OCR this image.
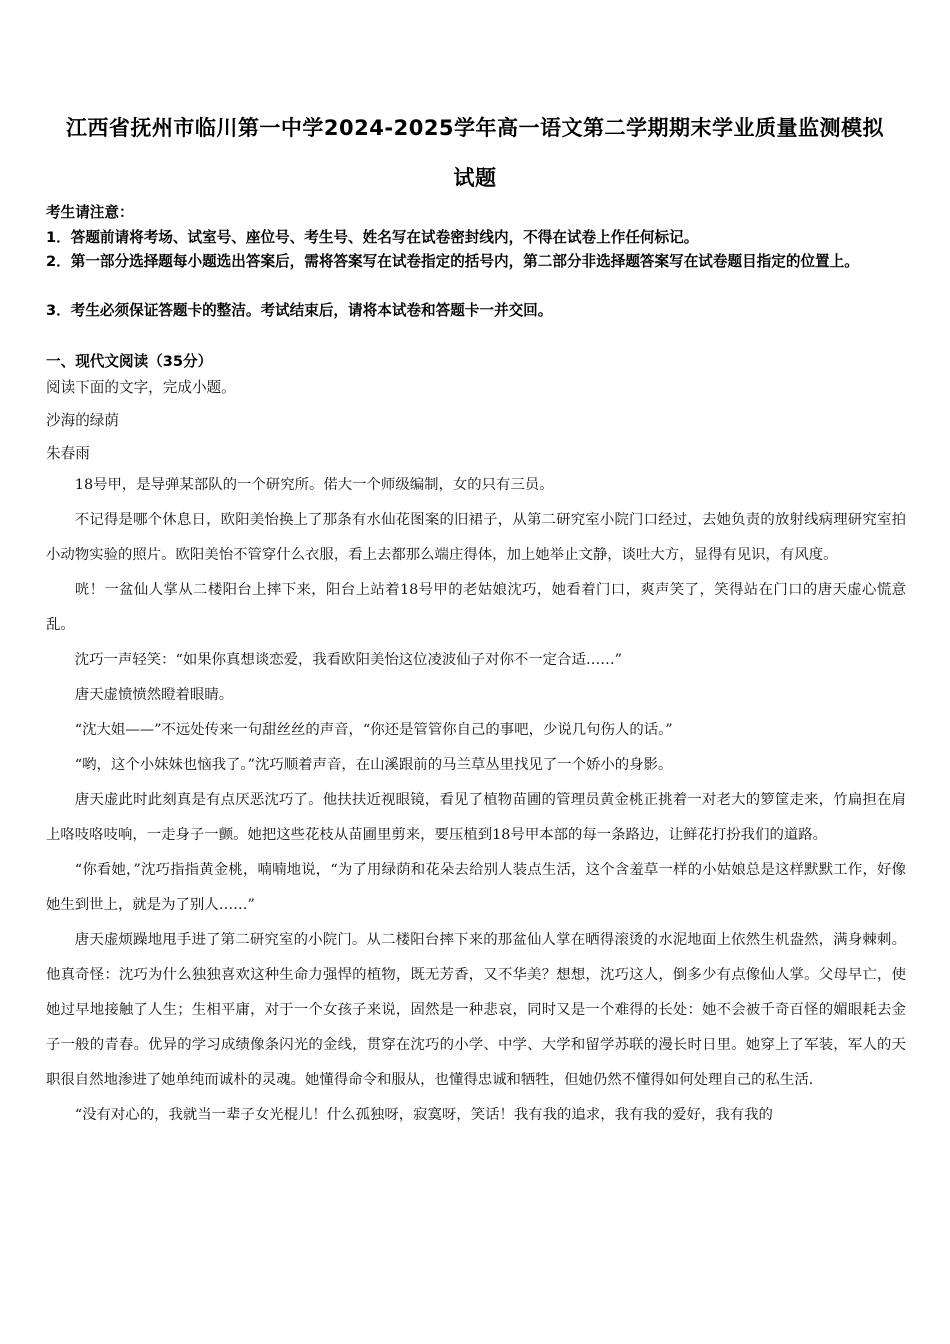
江西省抚州市临川第一中学2024-2025学年高一语文第二学期期末学业质量监测模拟
试题
考生请注意：
1．答题前请将考场、试室号、座位号、考生号、姓名写在试卷密封线内，不得在试卷上作任何标记。
2．第一部分选择题每小题选出答案后，需将答案写在试卷指定的括号内，第二部分非选择题答案写在试卷题目指定的位置上。
3．考生必须保证答题卡的整洁。考试结束后，请将本试卷和答题卡一并交回。
一、现代文阅读（35分）
阅读下面的文字，完成小题。
沙海的绿荫
朱春雨

18号甲，是导弹某部队的一个研究所。偌大一个师级编制，女的只有三员。

不记得是哪个休息日，欧阳美怡换上了那条有水仙花图案的旧裙子，从第二研究室小院门口经过，去她负责的放射线病理研究室拍小动物实验的照片。欧阳美怡不管穿什么衣服，看上去都那么端庄得体，加上她举止文静，谈吐大方，显得有见识，有风度。

咣！一盆仙人掌从二楼阳台上摔下来，阳台上站着18号甲的老姑娘沈巧，她看着门口，爽声笑了，笑得站在门口的唐天虚心慌意乱。

沈巧一声轻笑：“如果你真想谈恋爱，我看欧阳美怡这位凌波仙子对你不一定合适……”

唐天虚愤愤然瞪着眼睛。

“沈大姐——”不远处传来一句甜丝丝的声音，“你还是管管你自己的事吧，少说几句伤人的话。”

“哟，这个小妹妹也恼我了。”沈巧顺着声音，在山溪跟前的马兰草丛里找见了一个娇小的身影。

唐天虚此时此刻真是有点厌恶沈巧了。他扶扶近视眼镜，看见了植物苗圃的管理员黄金桃正挑着一对老大的箩筐走来，竹扁担在肩上咯吱咯吱响，一走身子一颤。她把这些花枝从苗圃里剪来，要压植到18号甲本部的每一条路边，让鲜花打扮我们的道路。

“你看她，”沈巧指指黄金桃，喃喃地说，“为了用绿荫和花朵去给别人装点生活，这个含羞草一样的小姑娘总是这样默默工作，好像她生到世上，就是为了别人……”

唐天虚烦躁地甩手进了第二研究室的小院门。从二楼阳台摔下来的那盆仙人掌在晒得滚烫的水泥地面上依然生机盎然，满身棘刺。他真奇怪：沈巧为什么独独喜欢这种生命力强悍的植物，既无芳香，又不华美？想想，沈巧这人，倒多少有点像仙人掌。父母早亡，使她过早地接触了人生；生相平庸，对于一个女孩子来说，固然是一种悲哀，同时又是一个难得的长处：她不会被千奇百怪的媚眼耗去金子一般的青春。优异的学习成绩像条闪光的金线，贯穿在沈巧的小学、中学、大学和留学苏联的漫长时日里。她穿上了军装，军人的天职很自然地渗进了她单纯而诚朴的灵魂。她懂得命令和服从，也懂得忠诚和牺牲，但她仍然不懂得如何处理自己的私生活.

“没有对心的，我就当一辈子女光棍儿！什么孤独呀，寂寞呀，笑话！我有我的追求，我有我的爱好，我有我的
